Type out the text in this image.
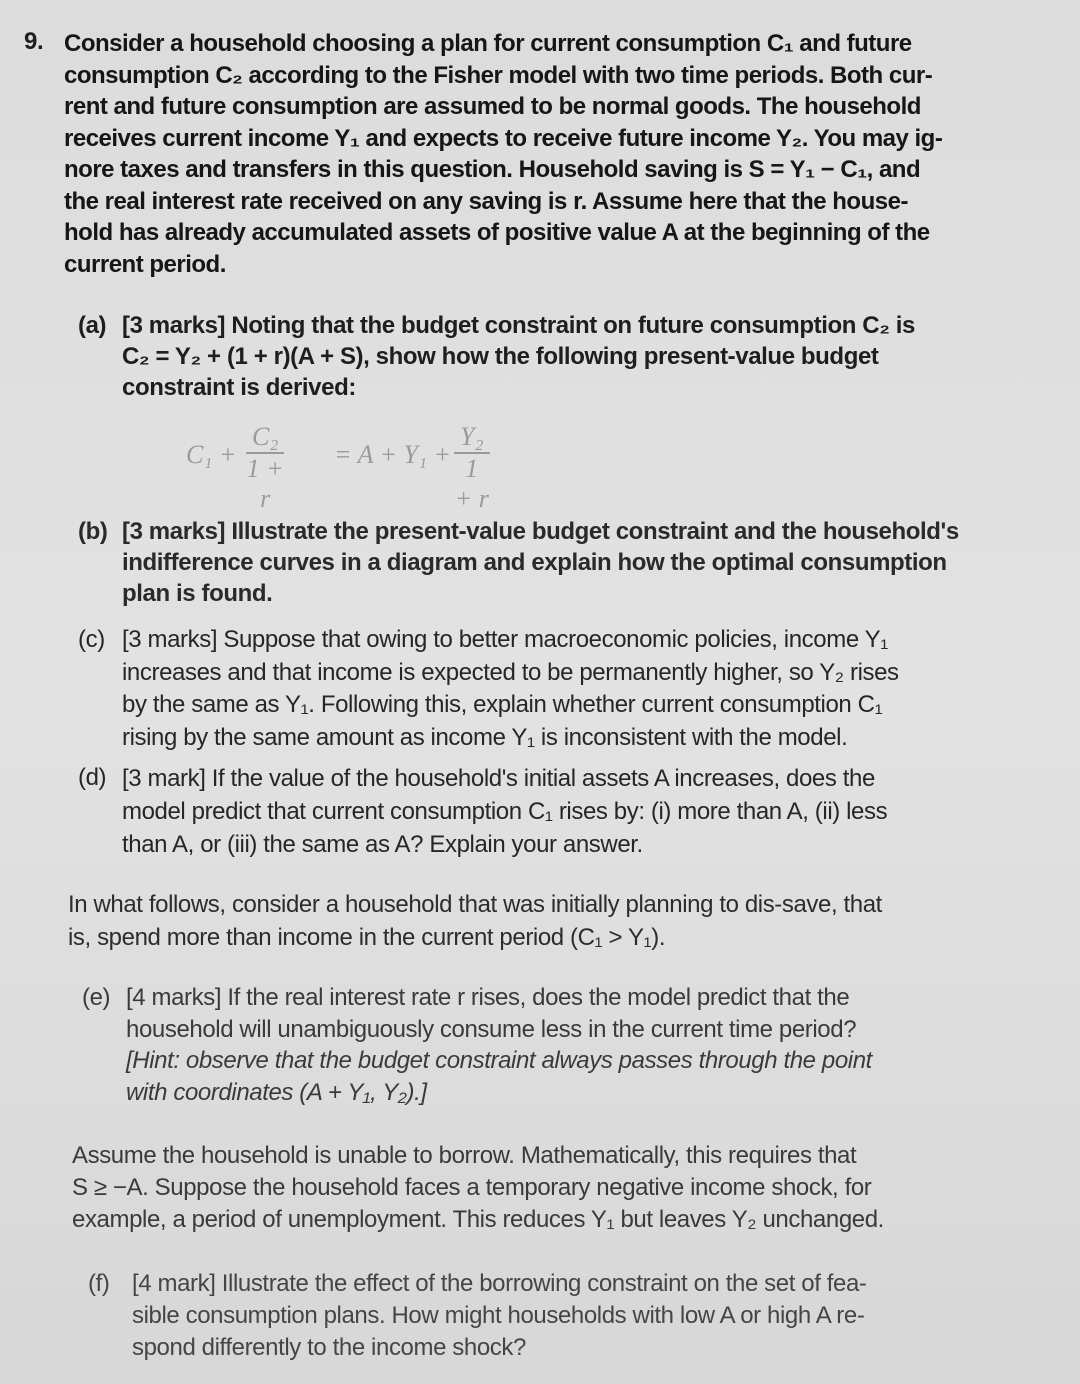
9. Consider a household choosing a plan for current consumption C₁ and future
consumption C₂ according to the Fisher model with two time periods. Both cur-
rent and future consumption are assumed to be normal goods. The household
receives current income Y₁ and expects to receive future income Y₂. You may ig-
nore taxes and transfers in this question. Household saving is S = Y₁ − C₁, and
the real interest rate received on any saving is r. Assume here that the house-
hold has already accumulated assets of positive value A at the beginning of the
current period.
(a) [3 marks] Noting that the budget constraint on future consumption C₂ is
C₂ = Y₂ + (1 + r)(A + S), show how the following present-value budget
constraint is derived:
$C_1 + \frac{\text{C₂}}{1 + r} = A + Y_1 + \frac{\text{Y₂}}{1 + r}$
(b) [3 marks] Illustrate the present-value budget constraint and the household's
indifference curves in a diagram and explain how the optimal consumption
plan is found.
(c) [3 marks] Suppose that owing to better macroeconomic policies, income Y₁
increases and that income is expected to be permanently higher, so Y₂ rises
by the same as Y₁. Following this, explain whether current consumption C₁
rising by the same amount as income Y₁ is inconsistent with the model.
(d) [3 mark] If the value of the household's initial assets A increases, does the
model predict that current consumption C₁ rises by: (i) more than A, (ii) less
than A, or (iii) the same as A? Explain your answer.
In what follows, consider a household that was initially planning to dis-save, that
is, spend more than income in the current period (C₁ > Y₁).
(e) [4 marks] If the real interest rate r rises, does the model predict that the
household will unambiguously consume less in the current time period?
[Hint: observe that the budget constraint always passes through the point
with coordinates (A + Y₁, Y₂).]
Assume the household is unable to borrow. Mathematically, this requires that
S ≥ −A. Suppose the household faces a temporary negative income shock, for
example, a period of unemployment. This reduces Y₁ but leaves Y₂ unchanged.
(f) [4 mark] Illustrate the effect of the borrowing constraint on the set of fea-
sible consumption plans. How might households with low A or high A re-
spond differently to the income shock?
